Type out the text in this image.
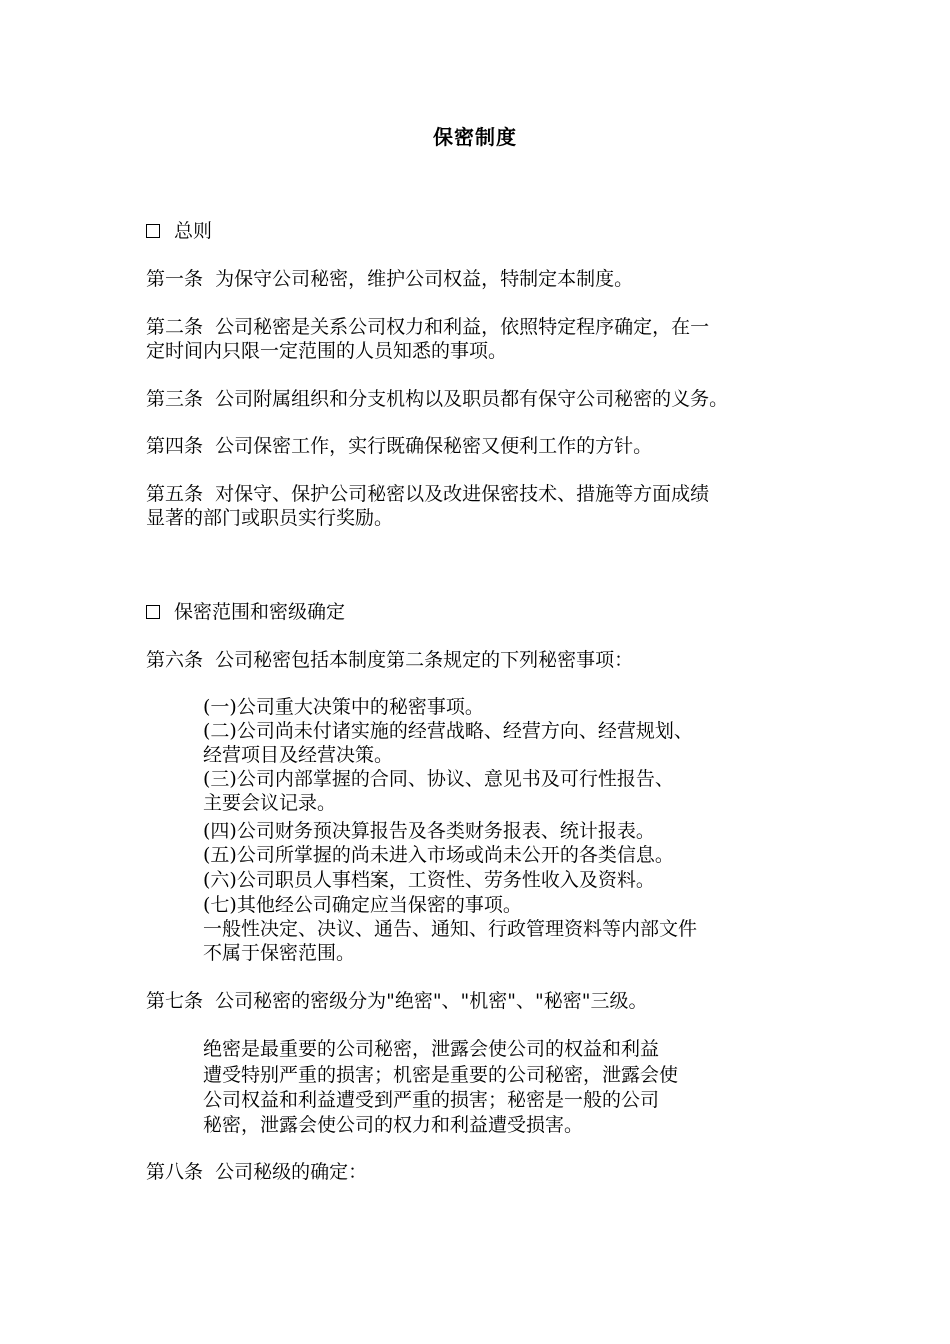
保密制度
总则
第一条  为保守公司秘密，维护公司权益，特制定本制度。
第二条  公司秘密是关系公司权力和利益，依照特定程序确定，在一
定时间内只限一定范围的人员知悉的事项。
第三条  公司附属组织和分支机构以及职员都有保守公司秘密的义务。
第四条  公司保密工作，实行既确保秘密又便利工作的方针。
第五条  对保守、保护公司秘密以及改进保密技术、措施等方面成绩
显著的部门或职员实行奖励。
保密范围和密级确定
第六条  公司秘密包括本制度第二条规定的下列秘密事项：
(一)公司重大决策中的秘密事项。
(二)公司尚未付诸实施的经营战略、经营方向、经营规划、
经营项目及经营决策。
(三)公司内部掌握的合同、协议、意见书及可行性报告、
主要会议记录。
(四)公司财务预决算报告及各类财务报表、统计报表。
(五)公司所掌握的尚未进入市场或尚未公开的各类信息。
(六)公司职员人事档案，工资性、劳务性收入及资料。
(七)其他经公司确定应当保密的事项。
一般性决定、决议、通告、通知、行政管理资料等内部文件
不属于保密范围。
第七条  公司秘密的密级分为"绝密"、"机密"、"秘密"三级。
绝密是最重要的公司秘密，泄露会使公司的权益和利益
遭受特别严重的损害；机密是重要的公司秘密，泄露会使
公司权益和利益遭受到严重的损害；秘密是一般的公司
秘密，泄露会使公司的权力和利益遭受损害。
第八条  公司秘级的确定：
